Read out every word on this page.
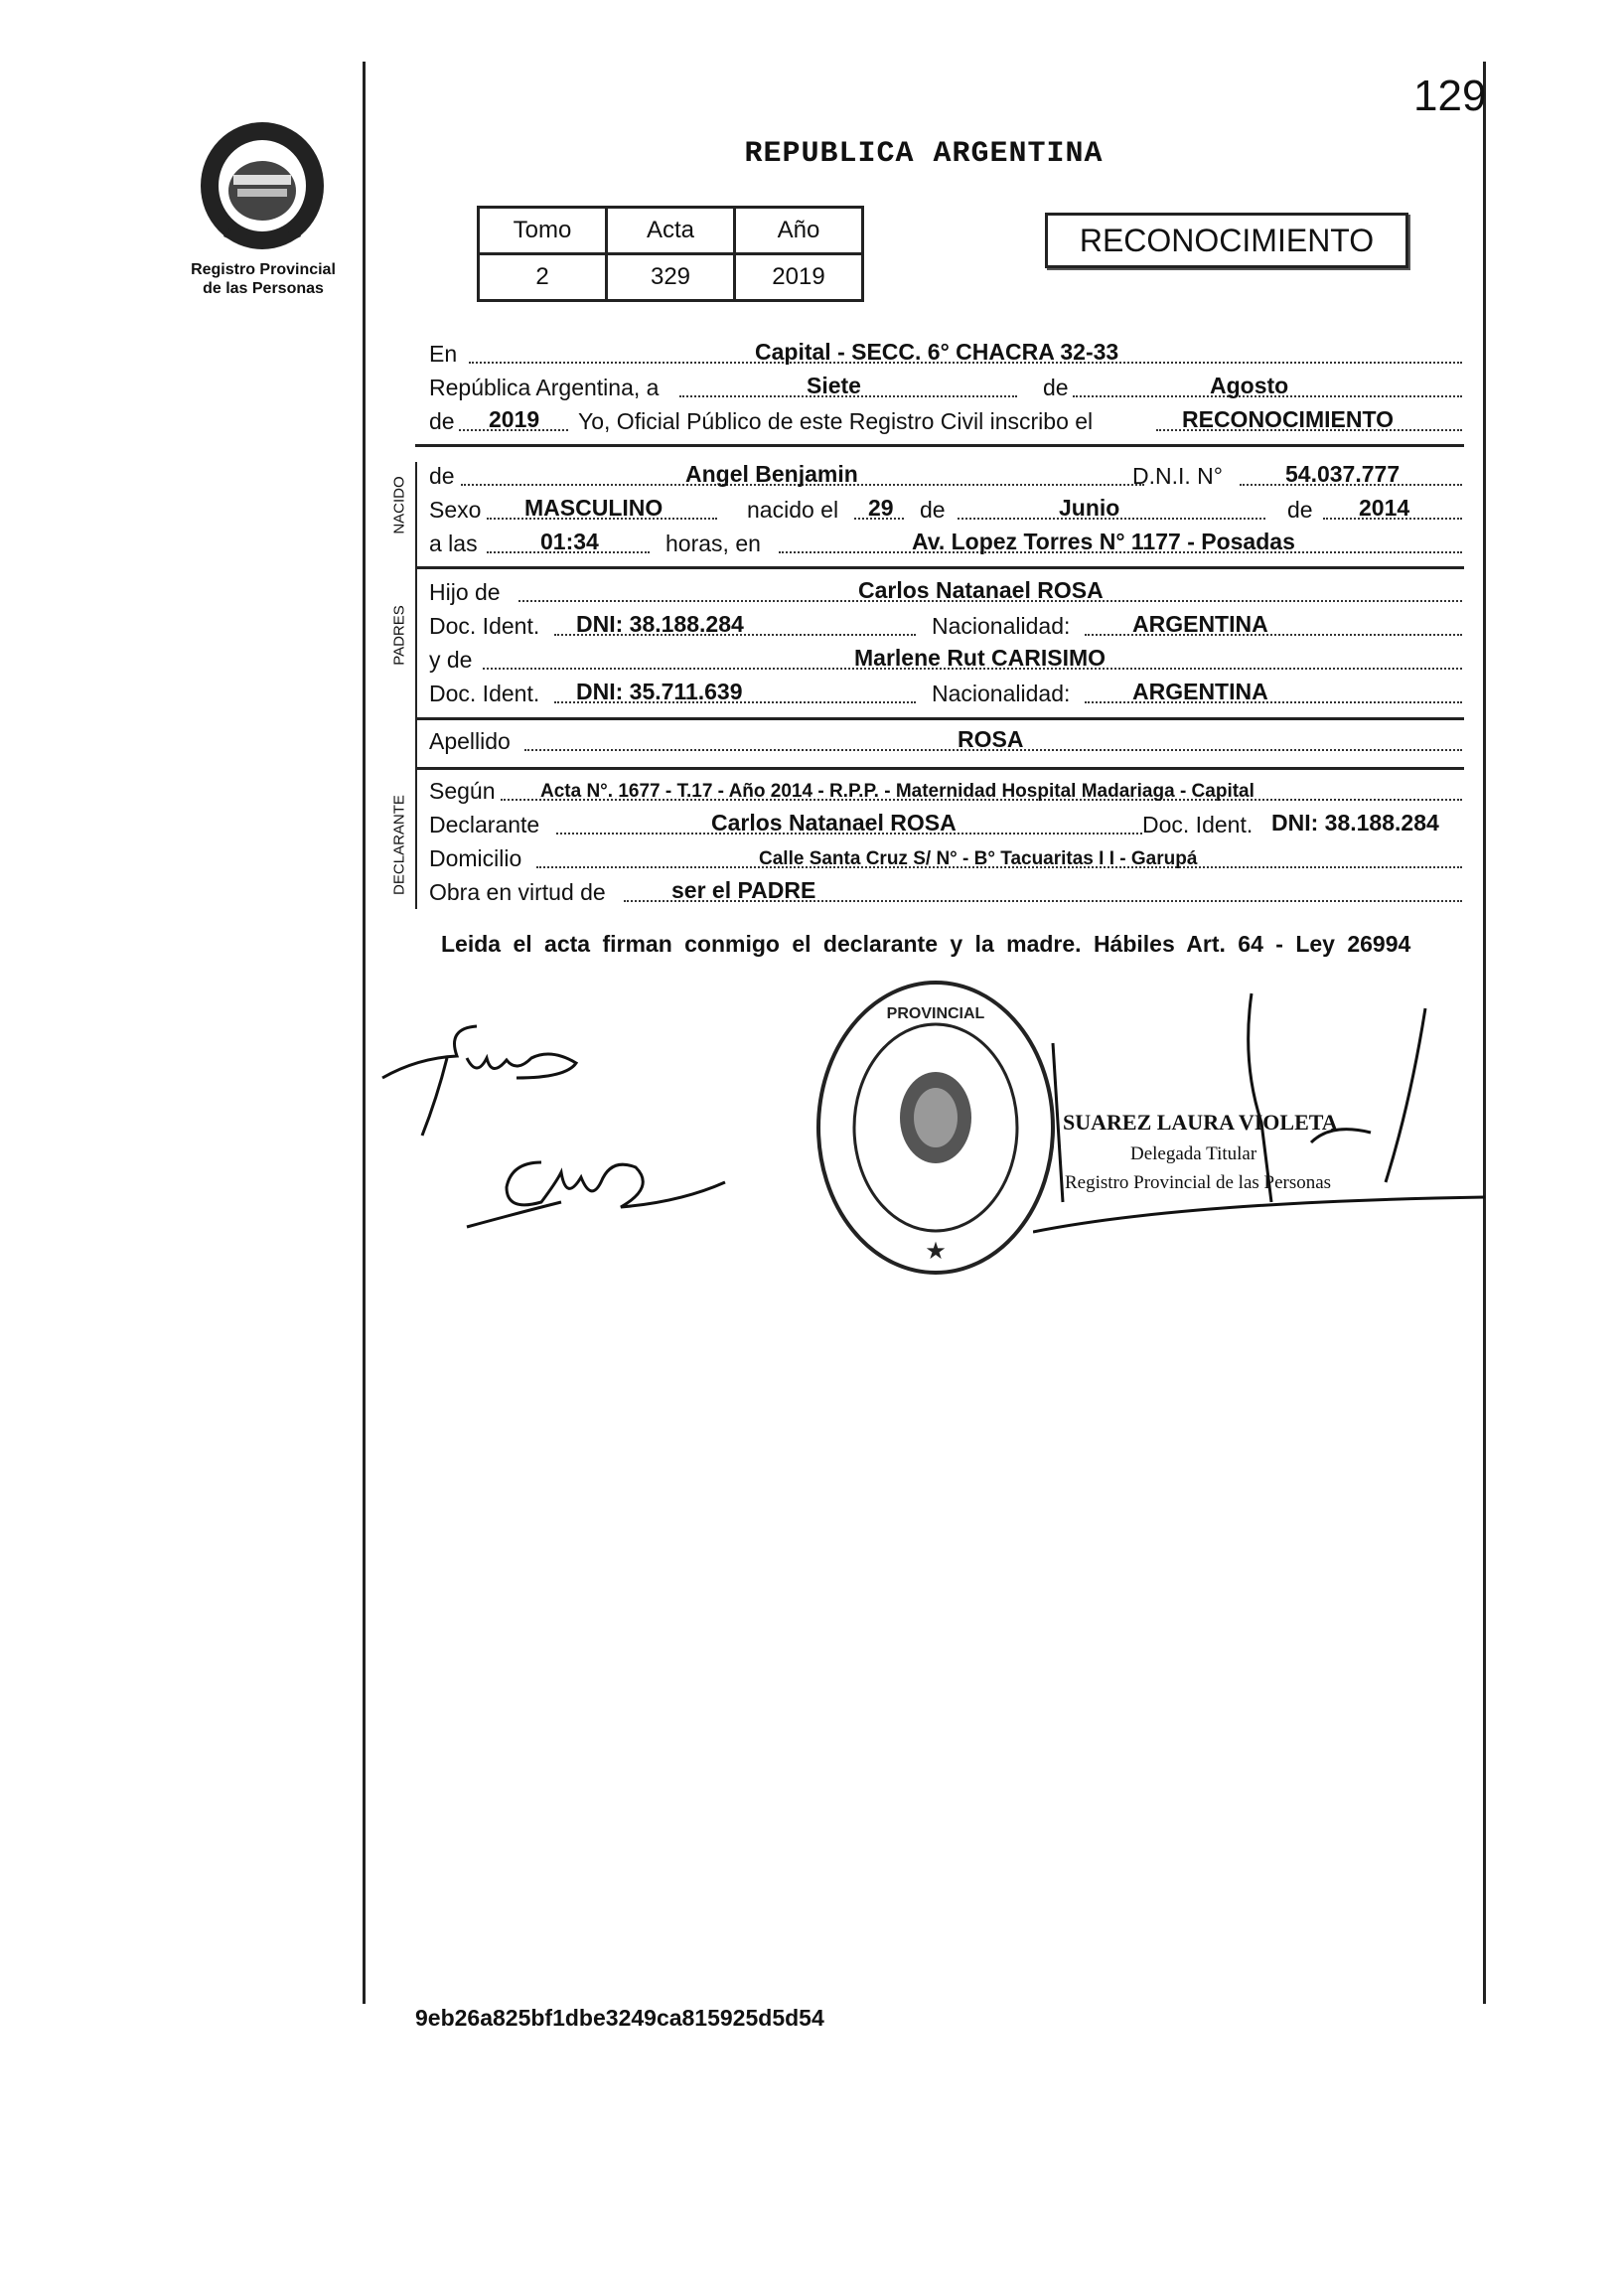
Registro Provincial
de las Personas
129
REPUBLICA ARGENTINA
Tomo	Acta	Año
2	329	2019
RECONOCIMIENTO
En	Capital - SECC. 6° CHACRA 32-33
República Argentina, a	Siete	de	Agosto
de 2019 Yo, Oficial Público de este Registro Civil inscribo el	RECONOCIMIENTO
de	Angel Benjamin	D.N.I. N°	54.037.777
Sexo MASCULINO	nacido el 29 de	Junio	de 2014
a las	01:34	horas, en	Av. Lopez Torres N° 1177 - Posadas
Hijo de	Carlos Natanael ROSA
Doc. Ident. DNI: 38.188.284	Nacionalidad:	ARGENTINA
y de	Marlene Rut CARISIMO
Doc. Ident. DNI: 35.711.639	Nacionalidad:	ARGENTINA
Apellido	ROSA
Según Acta N°. 1677 - T.17 - Año 2014 - R.P.P. - Maternidad Hospital Madariaga - Capital
Declarante	Carlos Natanael ROSA	Doc. Ident. DNI: 38.188.284
Domicilio	Calle Santa Cruz S/ N° - B° Tacuaritas I I - Garupá
Obra en virtud de	ser el PADRE
NACIDO
PADRES
DECLARANTE
Leida el acta firman conmigo el declarante y la madre. Hábiles Art. 64 - Ley 26994
PROVINCIAL
★
SUAREZ LAURA VIOLETA
Delegada Titular
Registro Provincial de las Personas
9eb26a825bf1dbe3249ca815925d5d54
